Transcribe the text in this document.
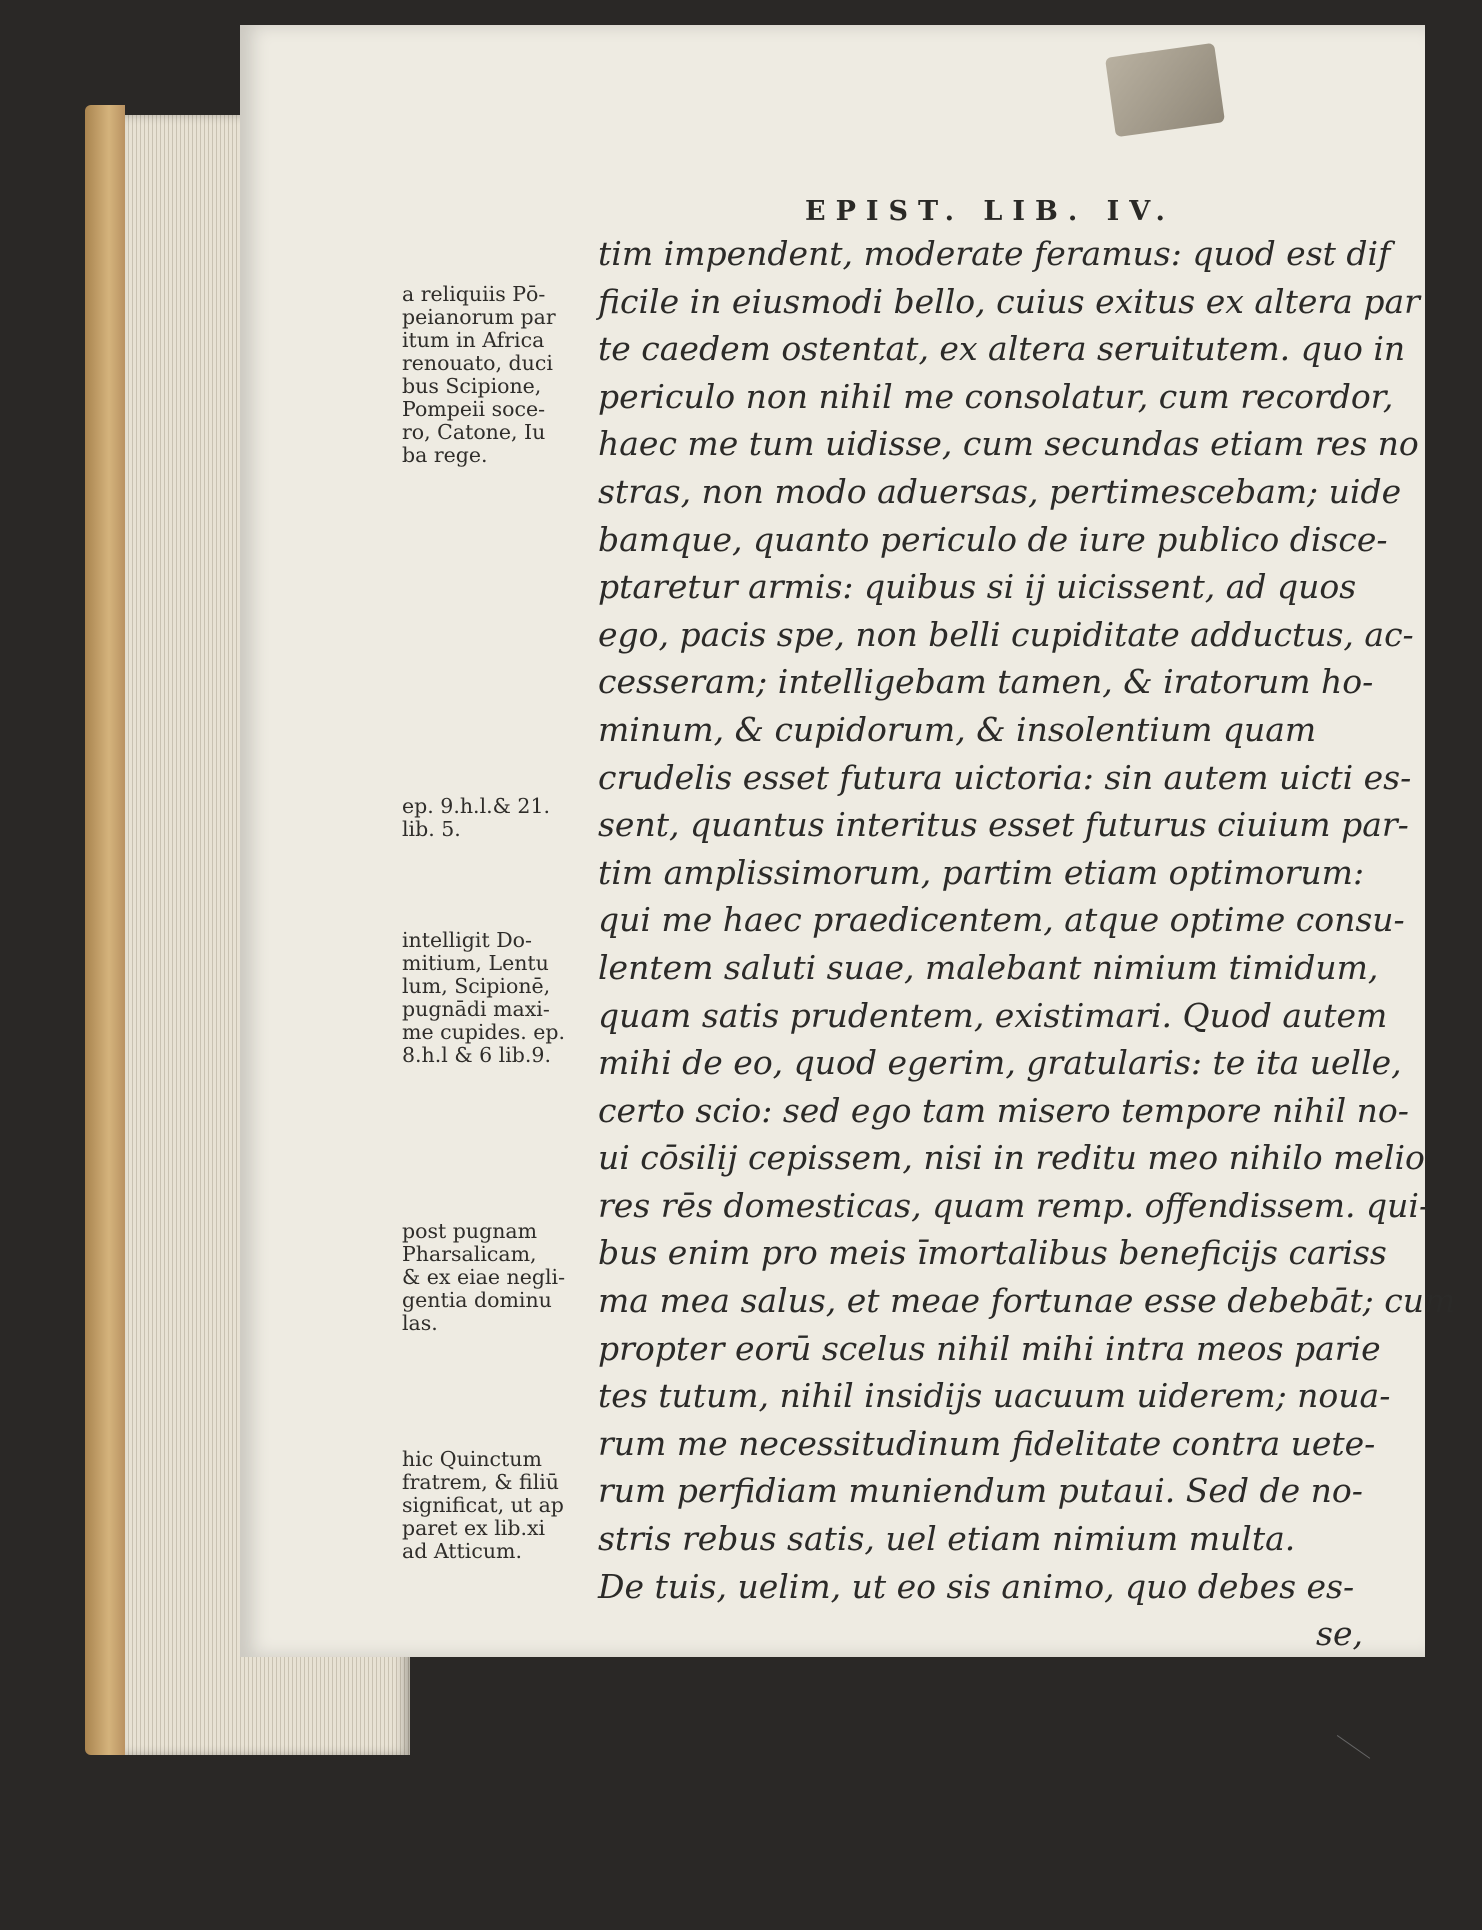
EPIST. LIB. IV.
tim impendent, moderate feramus: quod est dif
ficile in eiusmodi bello, cuius exitus ex altera par
te caedem ostentat, ex altera seruitutem. quo in
periculo non nihil me consolatur, cum recordor,
haec me tum uidisse, cum secundas etiam res no
stras, non modo aduersas, pertimescebam; uide
bamque, quanto periculo de iure publico disce-
ptaretur armis: quibus si ij uicissent, ad quos
ego, pacis spe, non belli cupiditate adductus, ac-
cesseram; intelligebam tamen, & iratorum ho-
minum, & cupidorum, & insolentium quam
crudelis esset futura uictoria: sin autem uicti es-
sent, quantus interitus esset futurus ciuium par-
tim amplissimorum, partim etiam optimorum:
qui me haec praedicentem, atque optime consu-
lentem saluti suae, malebant nimium timidum,
quam satis prudentem, existimari. Quod autem
mihi de eo, quod egerim, gratularis: te ita uelle,
certo scio: sed ego tam misero tempore nihil no-
ui cōsilij cepissem, nisi in reditu meo nihilo melio
res rēs domesticas, quam remp. offendissem. qui-
bus enim pro meis īmortalibus beneficijs cariss
ma mea salus, et meae fortunae esse debebāt; cum
propter eorū scelus nihil mihi intra meos parie
tes tutum, nihil insidijs uacuum uiderem; noua-
rum me necessitudinum fidelitate contra uete-
rum perfidiam muniendum putaui. Sed de no-
stris rebus satis, uel etiam nimium multa.
De tuis, uelim, ut eo sis animo, quo debes es-
se,
a reliquiis Pō-
peianorum par
itum in Africa
renouato, duci
bus Scipione,
Pompeii soce-
ro, Catone, Iu
ba rege.
ep. 9.h.l.& 21.
lib. 5.
intelligit Do-
mitium, Lentu
lum, Scipionē,
pugnādi maxi-
me cupides. ep.
8.h.l & 6 lib.9.
post pugnam
Pharsalicam,
& ex eiae negli-
gentia dominu
las.
hic Quinctum
fratrem, & filiū
significat, ut ap
paret ex lib.xi
ad Atticum.
